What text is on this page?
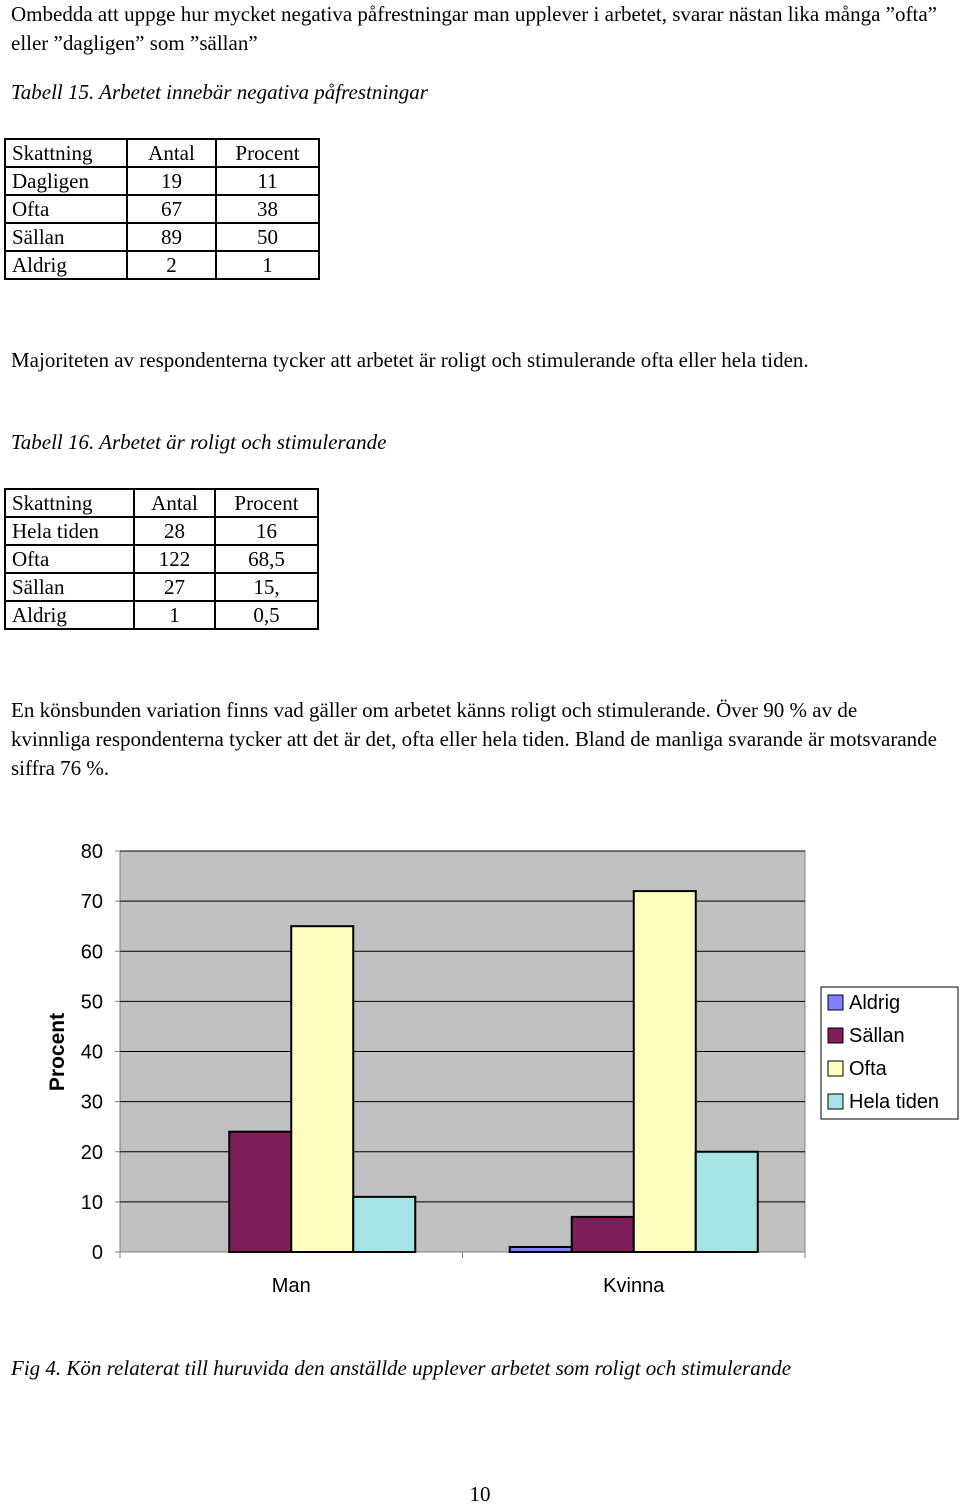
Ombedda att uppge hur mycket negativa påfrestningar man upplever i arbetet, svarar nästan lika många ”ofta” eller ”dagligen” som ”sällan”

Tabell 15. Arbetet innebär negativa påfrestningar

Skattning	Antal	Procent
Dagligen	19	11
Ofta	67	38
Sällan	89	50
Aldrig	2	1

Majoriteten av respondenterna tycker att arbetet är roligt och stimulerande ofta eller hela tiden.

Tabell 16. Arbetet är roligt och stimulerande

Skattning	Antal	Procent
Hela tiden	28	16
Ofta	122	68,5
Sällan	27	15,
Aldrig	1	0,5

En könsbunden variation finns vad gäller om arbetet känns roligt och stimulerande. Över 90 % av de kvinnliga respondenterna tycker att det är det, ofta eller hela tiden. Bland de manliga svarande är motsvarande siffra 76 %.

0
10
20
30
40
50
60
70
80
Man	Kvinna
Procent
Aldrig
Sällan
Ofta
Hela tiden

Fig 4. Kön relaterat till huruvida den anställde upplever arbetet som roligt och stimulerande

10
